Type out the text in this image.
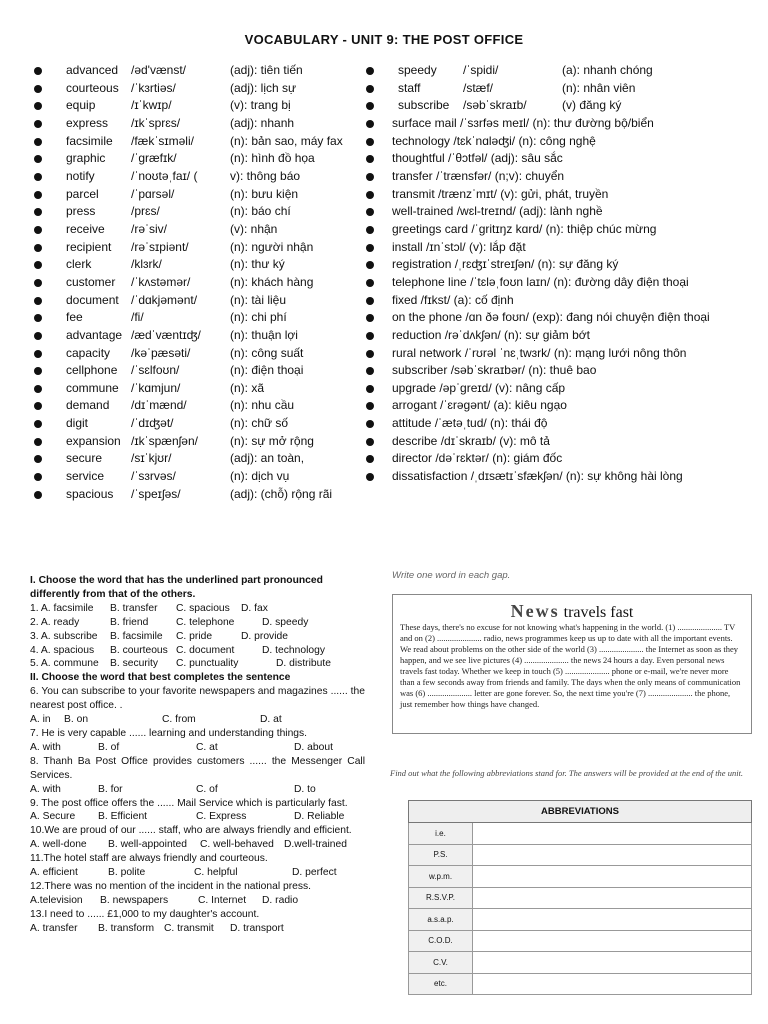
VOCABULARY - UNIT 9: THE POST OFFICE
advanced /əd'vænst/	(adj): tiên tiến
courteous /ˈkɜrtiəs/	(adj): lịch sự
equip	/ɪˈkwɪp/	(v): trang bị
express /ɪkˈsprɛs/	(adj): nhanh
facsimile /fækˈsɪməli/	(n): bản sao, máy fax
graphic /ˈɡræfɪk/	(n): hình đồ họa
notify	/ˈnoʊtəˌfaɪ/ (	v): thông báo
parcel	/ˈpɑrsəl/	(n): bưu kiện
press	/prɛs/	(n): báo chí
receive /rəˈsiv/	(v): nhận
recipient /rəˈsɪpiənt/	(n): người nhận
clerk	/klɜrk/	(n): thư ký
customer /ˈkʌstəmər/	(n): khách hàng
document /ˈdɑkjəmənt/	(n): tài liệu
fee	/fi/	(n): chi phí
advantage /ædˈvæntɪʤ/ (n): thuận lợi
capacity /kəˈpæsəti/	(n): công suất
cellphone /ˈsɛlfoʊn/	(n): điện thoại
commune /ˈkɑmjun/	(n): xã
demand /dɪˈmænd/	(n): nhu cầu
digit	/ˈdɪʤət/	(n): chữ số
expansion /ɪkˈspænʃən/	(n): sự mở rộng
secure /sɪˈkjʊr/	(adj): an toàn,
service /ˈsɜrvəs/	(n): dịch vụ
spacious /ˈspeɪʃəs/	(adj): (chỗ) rộng rãi
speedy /ˈspidi/	(a): nhanh chóng
staff	/stæf/	(n): nhân viên
subscribe /səbˈskraɪb/	(v) đăng ký
surface mail /ˈsɜrfəs meɪl/ (n): thư đường bộ/biển
technology /tɛkˈnɑləʤi/ (n): công nghệ
thoughtful /ˈθɔtfəl/ (adj): sâu sắc
transfer /ˈtrænsfər/ (n;v): chuyển
transmit /trænzˈmɪt/ (v): gửi, phát, truyền
well-trained /wɛl-treɪnd/ (adj): lành nghề
greetings card /ˈɡritɪŋz kɑrd/ (n): thiệp chúc mừng
install /ɪnˈstɔl/ (v): lắp đặt
registration /ˌrɛʤɪˈstreɪʃən/ (n): sự đăng ký
telephone line /ˈtɛləˌfoʊn laɪn/ (n): đường dây điện thoại
fixed /fɪkst/ (a): cố định
on the phone /ɑn ðə foʊn/ (exp): đang nói chuyện điện thoại
reduction /rəˈdʌkʃən/ (n): sự giảm bớt
rural network /ˈrʊrəl ˈnɛˌtwɜrk/ (n): mạng lưới nông thôn
subscriber /səbˈskraɪbər/ (n): thuê bao
upgrade /əpˈɡreɪd/ (v): nâng cấp
arrogant /ˈɛrəɡənt/ (a): kiêu ngạo
attitude /ˈætəˌtud/ (n): thái độ
describe /dɪˈskraɪb/ (v): mô tả
director /dəˈrɛktər/ (n): giám đốc
dissatisfaction /ˌdɪsætɪˈsfækʃən/ (n): sự không hài lòng
I. Choose the word that has the underlined part pronounced differently from that of the others.
1. A. facsimile	B. transfer	C. spacious	D. fax
2. A. ready	B. friend	C. telephone	D. speedy
3. A. subscribe	B. facsimile	C. pride	D. provide
4. A. spacious	B. courteous C. document	D. technology
5. A. commune	B. security	C. punctuality	D. distribute
II. Choose the word that best completes the sentence
6. You can subscribe to your favorite newspapers and magazines ...... the nearest post office. .
A. in	B. on	C. from	D. at
7. He is very capable ...... learning and understanding things.
A. with	B. of	C. at	D. about
8. Thanh Ba Post Office provides customers ...... the Messenger Call Services.
A. with	B. for	C. of	D. to
9. The post office offers the ...... Mail Service which is particularly fast.
A. Secure	B. Efficient	C. Express	D. Reliable
10.We are proud of our ...... staff, who are always friendly and efficient.
A. well-done	B. well-appointed	C. well-behaved D.well-trained
11.The hotel staff are always friendly and courteous.
A. efficient	B. polite	C. helpful	D. perfect
12.There was no mention of the incident in the national press.
A.television	B. newspapers	C. Internet	D. radio
13.I need to ...... £1,000 to my daughter's account.
A. transfer	B. transform C. transmit	D. transport
Write one word in each gap.
News travels fast
These days, there's no excuse for not knowing what's happening in the world. (1) ..................... TV and on (2) ..................... radio, news programmes keep us up to date with all the important events. We read about problems on the other side of the world (3) ..................... the Internet as soon as they happen, and we see live pictures (4) ..................... the news 24 hours a day. Even personal news travels fast today. Whether we keep in touch (5) ..................... phone or e-mail, we're never more than a few seconds away from friends and family. The days when the only means of communication was (6) ..................... letter are gone forever. So, the next time you're (7) ..................... the phone, just remember how things have changed.
Find out what the following abbreviations stand for. The answers will be provided at the end of the unit.
ABBREVIATIONS	
i.e.	
P.S.	
w.p.m.	
R.S.V.P.	
a.s.a.p.	
C.O.D.	
C.V.	
etc.	
